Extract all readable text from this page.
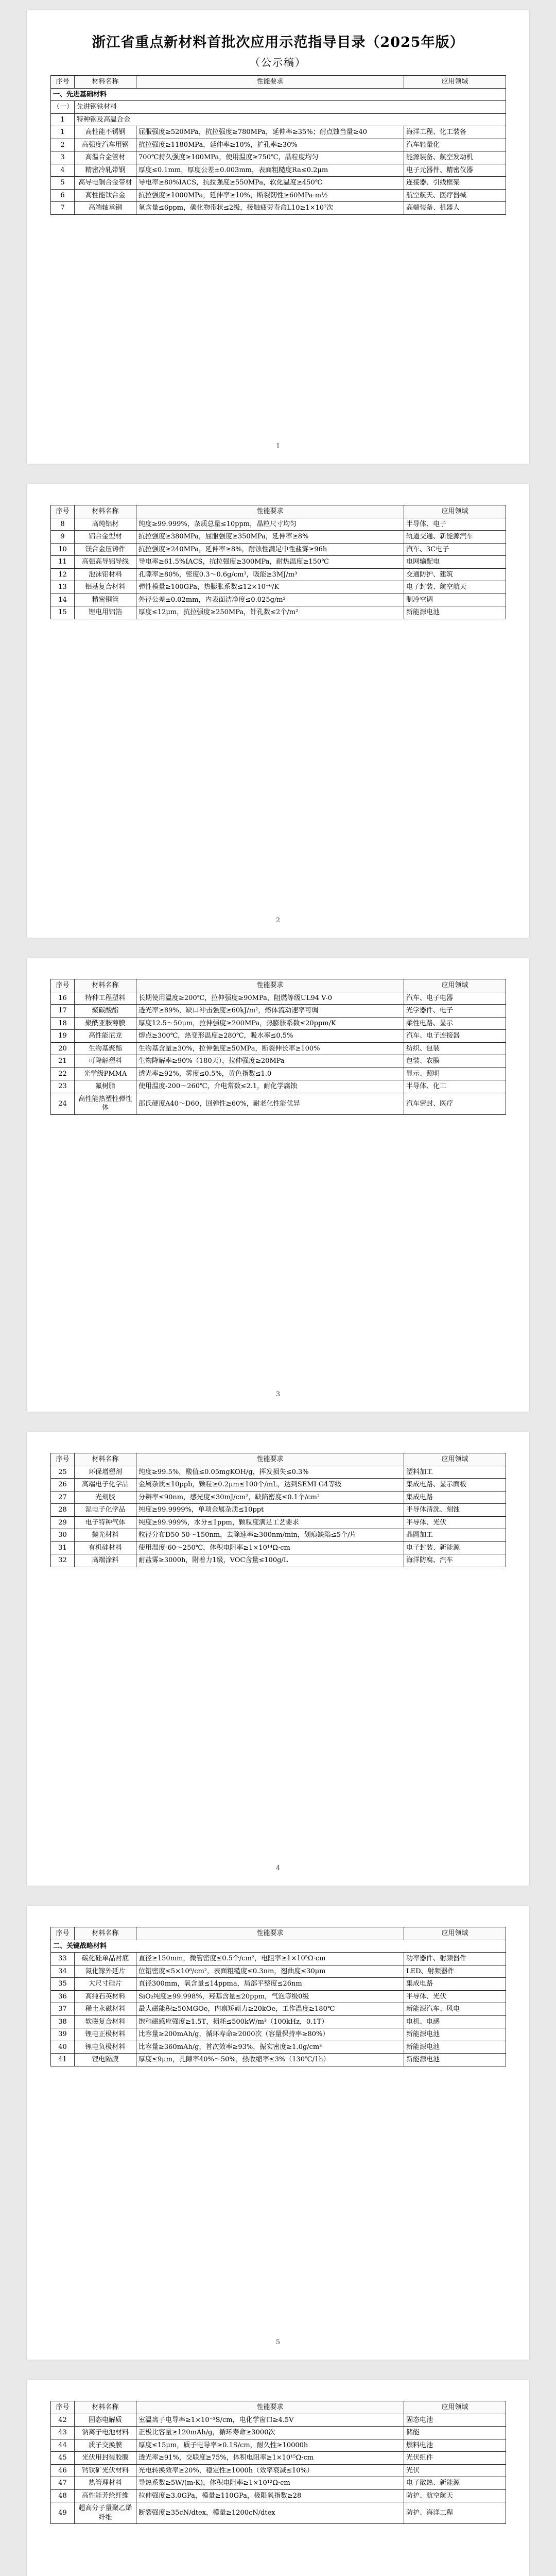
浙江省重点新材料首批次应用示范指导目录（2025年版）
（公示稿）
序号	材料名称	性能要求	应用领域
一、先进基础材料			
（一）	先进钢铁材料		
1	特种钢及高温合金		
1	高性能不锈钢	屈服强度≥520MPa，抗拉强度≥780MPa，延伸率≥35%；耐点蚀当量≥40	海洋工程、化工装备
2	高强度汽车用钢	抗拉强度≥1180MPa，延伸率≥10%，扩孔率≥30%	汽车轻量化
3	高温合金管材	700℃持久强度≥100MPa，使用温度≥750℃，晶粒度均匀	能源装备、航空发动机
4	精密冷轧带钢	厚度≤0.1mm，厚度公差±0.003mm，表面粗糙度Ra≤0.2μm	电子元器件、精密仪器
5	高导电铜合金带材	导电率≥80%IACS，抗拉强度≥550MPa，软化温度≥450℃	连接器、引线框架
6	高性能钛合金	抗拉强度≥1000MPa，延伸率≥10%，断裂韧性≥60MPa·m½	航空航天、医疗器械
7	高端轴承钢	氧含量≤6ppm，碳化物带状≤2级，接触疲劳寿命L10≥1×10⁷次	高端装备、机器人
1
序号	材料名称	性能要求	应用领域
8	高纯铝材	纯度≥99.999%，杂质总量≤10ppm，晶粒尺寸均匀	半导体、电子
9	铝合金型材	抗拉强度≥380MPa，屈服强度≥350MPa，延伸率≥8%	轨道交通、新能源汽车
10	镁合金压铸件	抗拉强度≥240MPa，延伸率≥8%，耐蚀性满足中性盐雾≥96h	汽车、3C电子
11	高强高导铝导线	导电率≥61.5%IACS，抗拉强度≥300MPa，耐热温度≥150℃	电网输配电
12	泡沫铝材料	孔隙率≥80%，密度0.3～0.6g/cm³，吸能≥3MJ/m³	交通防护、建筑
13	铝基复合材料	弹性模量≥100GPa，热膨胀系数≤12×10⁻⁶/K	电子封装、航空航天
14	精密铜管	外径公差±0.02mm，内表面洁净度≤0.025g/m²	制冷空调
15	锂电用铝箔	厚度≤12μm，抗拉强度≥250MPa，针孔数≤2个/m²	新能源电池
2
序号	材料名称	性能要求	应用领域
16	特种工程塑料	长期使用温度≥200℃，拉伸强度≥90MPa，阻燃等级UL94 V-0	汽车、电子电器
17	聚碳酸酯	透光率≥89%，缺口冲击强度≥60kJ/m²，熔体流动速率可调	光学器件、电子
18	聚酰亚胺薄膜	厚度12.5～50μm，拉伸强度≥200MPa，热膨胀系数≤20ppm/K	柔性电路、显示
19	高性能尼龙	熔点≥300℃，热变形温度≥280℃，吸水率≤0.5%	汽车、电子连接器
20	生物基聚酯	生物基含量≥30%，拉伸强度≥50MPa，断裂伸长率≥100%	纺织、包装
21	可降解塑料	生物降解率≥90%（180天），拉伸强度≥20MPa	包装、农膜
22	光学级PMMA	透光率≥92%，雾度≤0.5%，黄色指数≤1.0	显示、照明
23	氟树脂	使用温度-200～260℃，介电常数≤2.1，耐化学腐蚀	半导体、化工
24	高性能热塑性弹性体	邵氏硬度A40～D60，回弹性≥60%，耐老化性能优异	汽车密封、医疗
3
序号	材料名称	性能要求	应用领域
25	环保增塑剂	纯度≥99.5%，酸值≤0.05mgKOH/g，挥发损失≤0.3%	塑料加工
26	高端电子化学品	金属杂质≤10ppb，颗粒≥0.2μm≤100个/mL，达到SEMI G4等级	集成电路、显示面板
27	光刻胶	分辨率≤90nm，感光度≤30mJ/cm²，缺陷密度≤0.1个/cm²	集成电路
28	湿电子化学品	纯度≥99.9999%，单项金属杂质≤10ppt	半导体清洗、刻蚀
29	电子特种气体	纯度≥99.999%，水分≤1ppm，颗粒度满足工艺要求	半导体、光伏
30	抛光材料	粒径分布D50 50～150nm，去除速率≥300nm/min，划痕缺陷≤5个/片	晶圆加工
31	有机硅材料	使用温度-60～250℃，体积电阻率≥1×10¹⁴Ω·cm	电子封装、新能源
32	高端涂料	耐盐雾≥3000h，附着力1级，VOC含量≤100g/L	海洋防腐、汽车
4
序号	材料名称	性能要求	应用领域
二、关键战略材料			
33	碳化硅单晶衬底	直径≥150mm，微管密度≤0.5个/cm²，电阻率≥1×10⁵Ω·cm	功率器件、射频器件
34	氮化镓外延片	位错密度≤5×10⁸/cm²，表面粗糙度≤0.3nm，翘曲度≤30μm	LED、射频器件
35	大尺寸硅片	直径300mm，氧含量≤14ppma，局部平整度≤26nm	集成电路
36	高纯石英材料	SiO₂纯度≥99.998%，羟基含量≤20ppm，气泡等级0级	半导体、光伏
37	稀土永磁材料	最大磁能积≥50MGOe，内禀矫顽力≥20kOe，工作温度≥180℃	新能源汽车、风电
38	软磁复合材料	饱和磁感应强度≥1.5T，损耗≤500kW/m³（100kHz，0.1T）	电机、电感
39	锂电正极材料	比容量≥200mAh/g，循环寿命≥2000次（容量保持率≥80%）	新能源电池
40	锂电负极材料	比容量≥360mAh/g，首次效率≥93%，振实密度≥1.0g/cm³	新能源电池
41	锂电隔膜	厚度≤9μm，孔隙率40%～50%，热收缩率≤3%（130℃/1h）	新能源电池
5
序号	材料名称	性能要求	应用领域
42	固态电解质	室温离子电导率≥1×10⁻³S/cm，电化学窗口≥4.5V	固态电池
43	钠离子电池材料	正极比容量≥120mAh/g，循环寿命≥3000次	储能
44	质子交换膜	厚度≤15μm，质子电导率≥0.1S/cm，耐久性≥10000h	燃料电池
45	光伏用封装胶膜	透光率≥91%，交联度≥75%，体积电阻率≥1×10¹⁵Ω·cm	光伏组件
46	钙钛矿光伏材料	光电转换效率≥20%，稳定性≥1000h（效率衰减≤10%）	光伏
47	热管理材料	导热系数≥5W/(m·K)，体积电阻率≥1×10¹²Ω·cm	电子散热、新能源
48	高性能芳纶纤维	拉伸强度≥3.0GPa，模量≥110GPa，极限氧指数≥28	防护、航空航天
49	超高分子量聚乙烯纤维	断裂强度≥35cN/dtex，模量≥1200cN/dtex	防护、海洋工程
